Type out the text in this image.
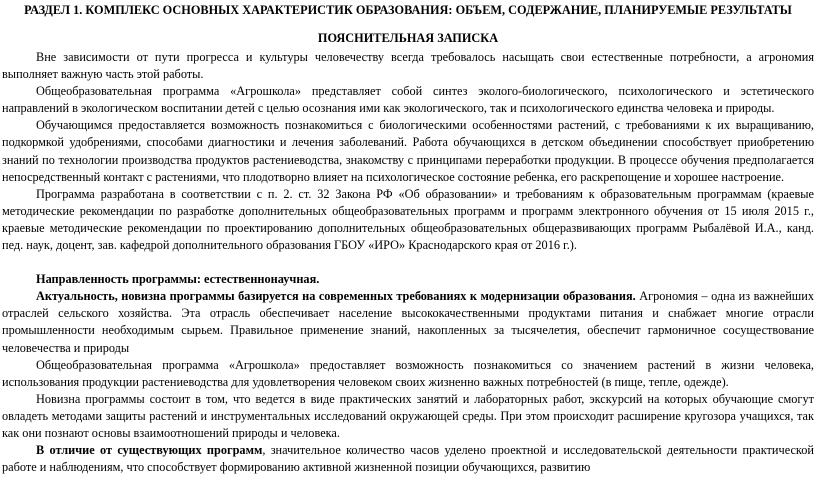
РАЗДЕЛ 1. КОМПЛЕКС ОСНОВНЫХ ХАРАКТЕРИСТИК ОБРАЗОВАНИЯ: ОБЪЕМ, СОДЕРЖАНИЕ, ПЛАНИРУЕМЫЕ РЕЗУЛЬТАТЫ
ПОЯСНИТЕЛЬНАЯ ЗАПИСКА

Вне зависимости от пути прогресса и культуры человечеству всегда требовалось насыщать свои естественные потребности, а агрономия выполняет важную часть этой работы.

Общеобразовательная программа «Агрошкола» представляет собой синтез эколого-биологического, психологического и эстетического направлений в экологическом воспитании детей с целью осознания ими как экологического, так и психологического единства человека и природы.

Обучающимся предоставляется возможность познакомиться с биологическими особенностями растений, с требованиями к их выращиванию, подкормкой удобрениями, способами диагностики и лечения заболеваний. Работа обучающихся в детском объединении способствует приобретению знаний по технологии производства продуктов растениеводства, знакомству с принципами переработки продукции. В процессе обучения предполагается непосредственный контакт с растениями, что плодотворно влияет на психологическое состояние ребенка, его раскрепощение и хорошее настроение.

Программа разработана в соответствии с п. 2. ст. 32 Закона РФ «Об образовании» и требованиям к образовательным программам (краевые методические рекомендации по разработке дополнительных общеобразовательных программ и программ электронного обучения от 15 июля 2015 г., краевые методические рекомендации по проектированию дополнительных общеобразовательных общеразвивающих программ Рыбалёвой И.А., канд. пед. наук, доцент, зав. кафедрой дополнительного образования ГБОУ «ИРО» Краснодарского края от 2016 г.).

Направленность программы: естественнонаучная.

Актуальность, новизна программы базируется на современных требованиях к модернизации образования. Агрономия – одна из важнейших отраслей сельского хозяйства. Эта отрасль обеспечивает население высококачественными продуктами питания и снабжает многие отрасли промышленности необходимым сырьем. Правильное применение знаний, накопленных за тысячелетия, обеспечит гармоничное сосуществование человечества и природы

Общеобразовательная программа «Агрошкола» предоставляет возможность познакомиться со значением растений в жизни человека, использования продукции растениеводства для удовлетворения человеком своих жизненно важных потребностей (в пище, тепле, одежде).

Новизна программы состоит в том, что ведется в виде практических занятий и лабораторных работ, экскурсий на которых обучающие смогут овладеть методами защиты растений и инструментальных исследований окружающей среды. При этом происходит расширение кругозора учащихся, так как они познают основы взаимоотношений природы и человека.

В отличие от существующих программ, значительное количество часов уделено проектной и исследовательской деятельности практической работе и наблюдениям, что способствует формированию активной жизненной позиции обучающихся, развитию
